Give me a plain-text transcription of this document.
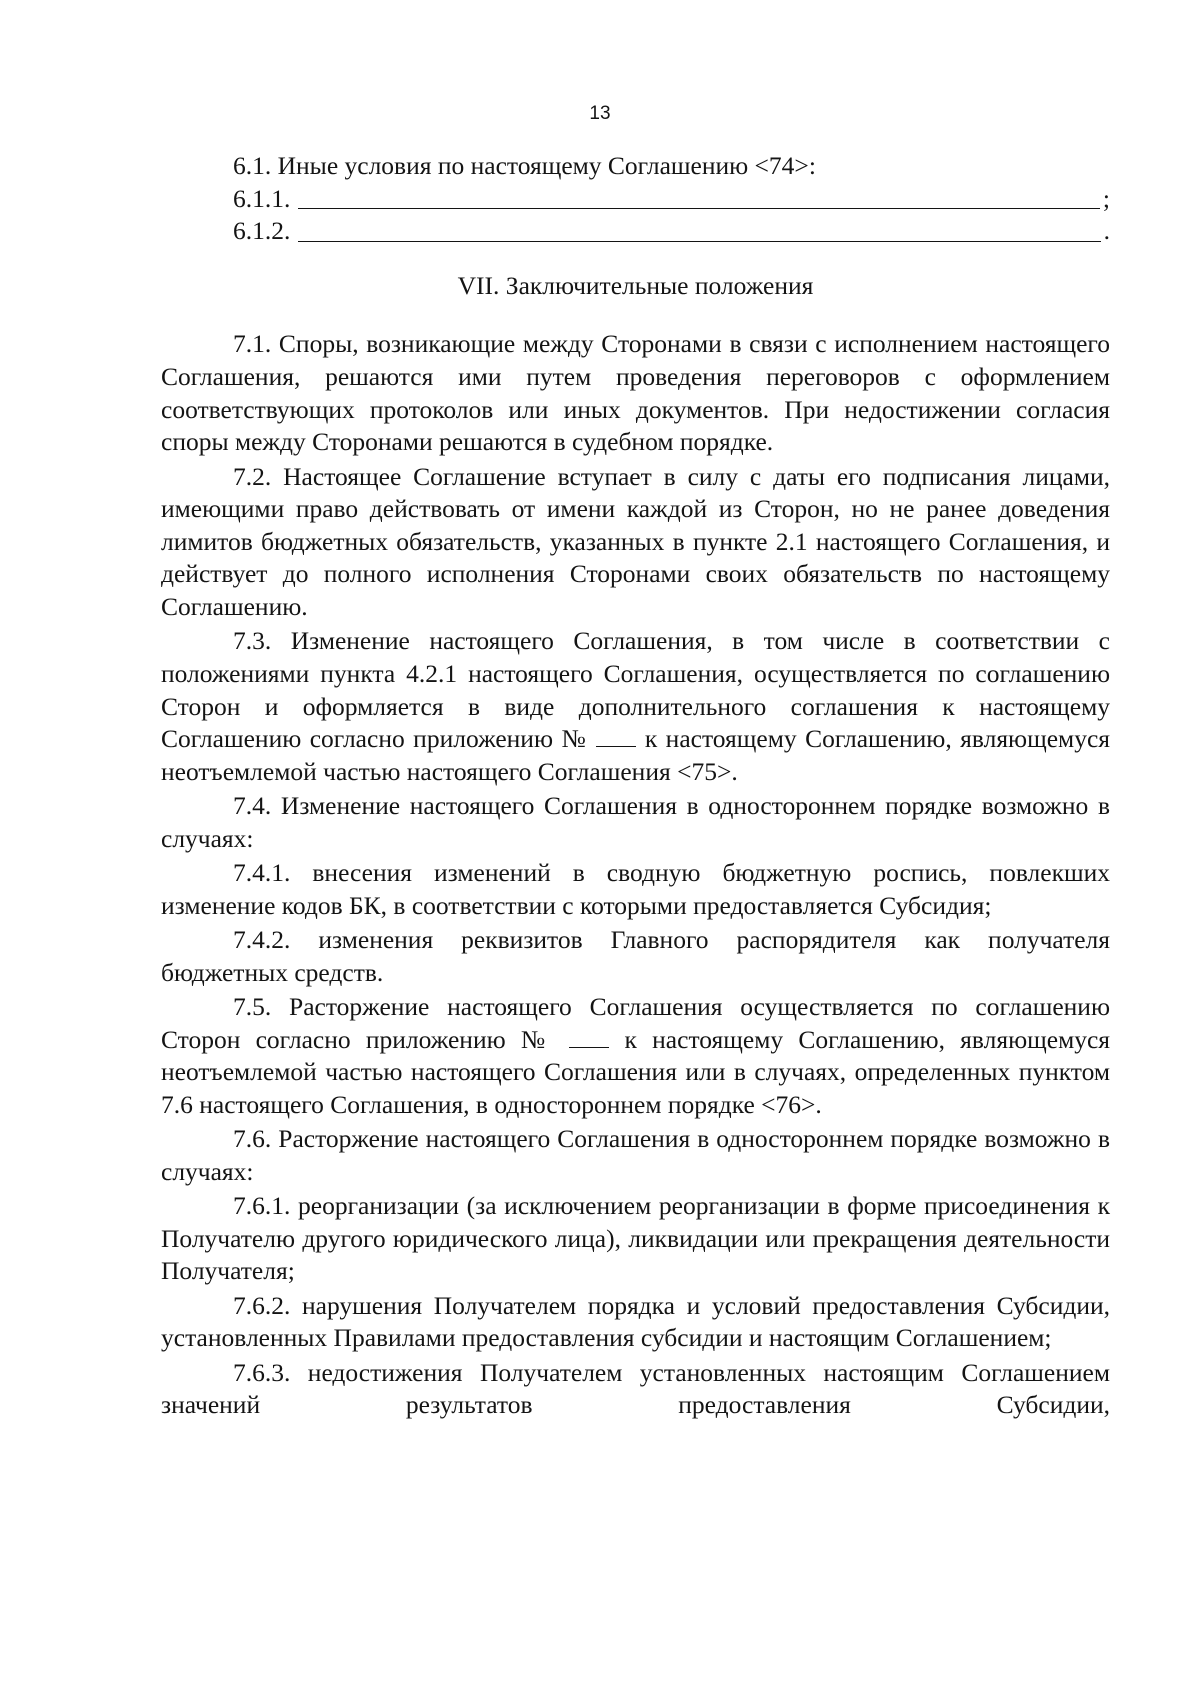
13
6.1. Иные условия по настоящему Соглашению <74>:
6.1.1.	;
6.1.2.	.
VII. Заключительные положения

7.1. Споры, возникающие между Сторонами в связи с исполнением настоящего Соглашения, решаются ими путем проведения переговоров с оформлением соответствующих протоколов или иных документов. При недостижении согласия споры между Сторонами решаются в судебном порядке.

7.2. Настоящее Соглашение вступает в силу с даты его подписания лицами, имеющими право действовать от имени каждой из Сторон, но не ранее доведения лимитов бюджетных обязательств, указанных в пункте 2.1 настоящего Соглашения, и действует до полного исполнения Сторонами своих обязательств по настоящему Соглашению.

7.3. Изменение настоящего Соглашения, в том числе в соответствии с положениями пункта 4.2.1 настоящего Соглашения, осуществляется по соглашению Сторон и оформляется в виде дополнительного соглашения к настоящему Соглашению согласно приложению № к настоящему Соглашению, являющемуся неотъемлемой частью настоящего Соглашения <75>.

7.4. Изменение настоящего Соглашения в одностороннем порядке возможно в случаях:

7.4.1. внесения изменений в сводную бюджетную роспись, повлекших изменение кодов БК, в соответствии с которыми предоставляется Субсидия;

7.4.2. изменения реквизитов Главного распорядителя как получателя бюджетных средств.

7.5. Расторжение настоящего Соглашения осуществляется по соглашению Сторон согласно приложению №	к настоящему Соглашению, являющемуся неотъемлемой частью настоящего Соглашения или в случаях, определенных пунктом 7.6 настоящего Соглашения, в одностороннем порядке <76>.

7.6. Расторжение настоящего Соглашения в одностороннем порядке возможно в случаях:

7.6.1. реорганизации (за исключением реорганизации в форме присоединения к Получателю другого юридического лица), ликвидации или прекращения деятельности Получателя;

7.6.2. нарушения Получателем порядка и условий предоставления Субсидии, установленных Правилами предоставления субсидии и настоящим Соглашением;

7.6.3. недостижения Получателем установленных настоящим Соглашением значений результатов предоставления Субсидии,
